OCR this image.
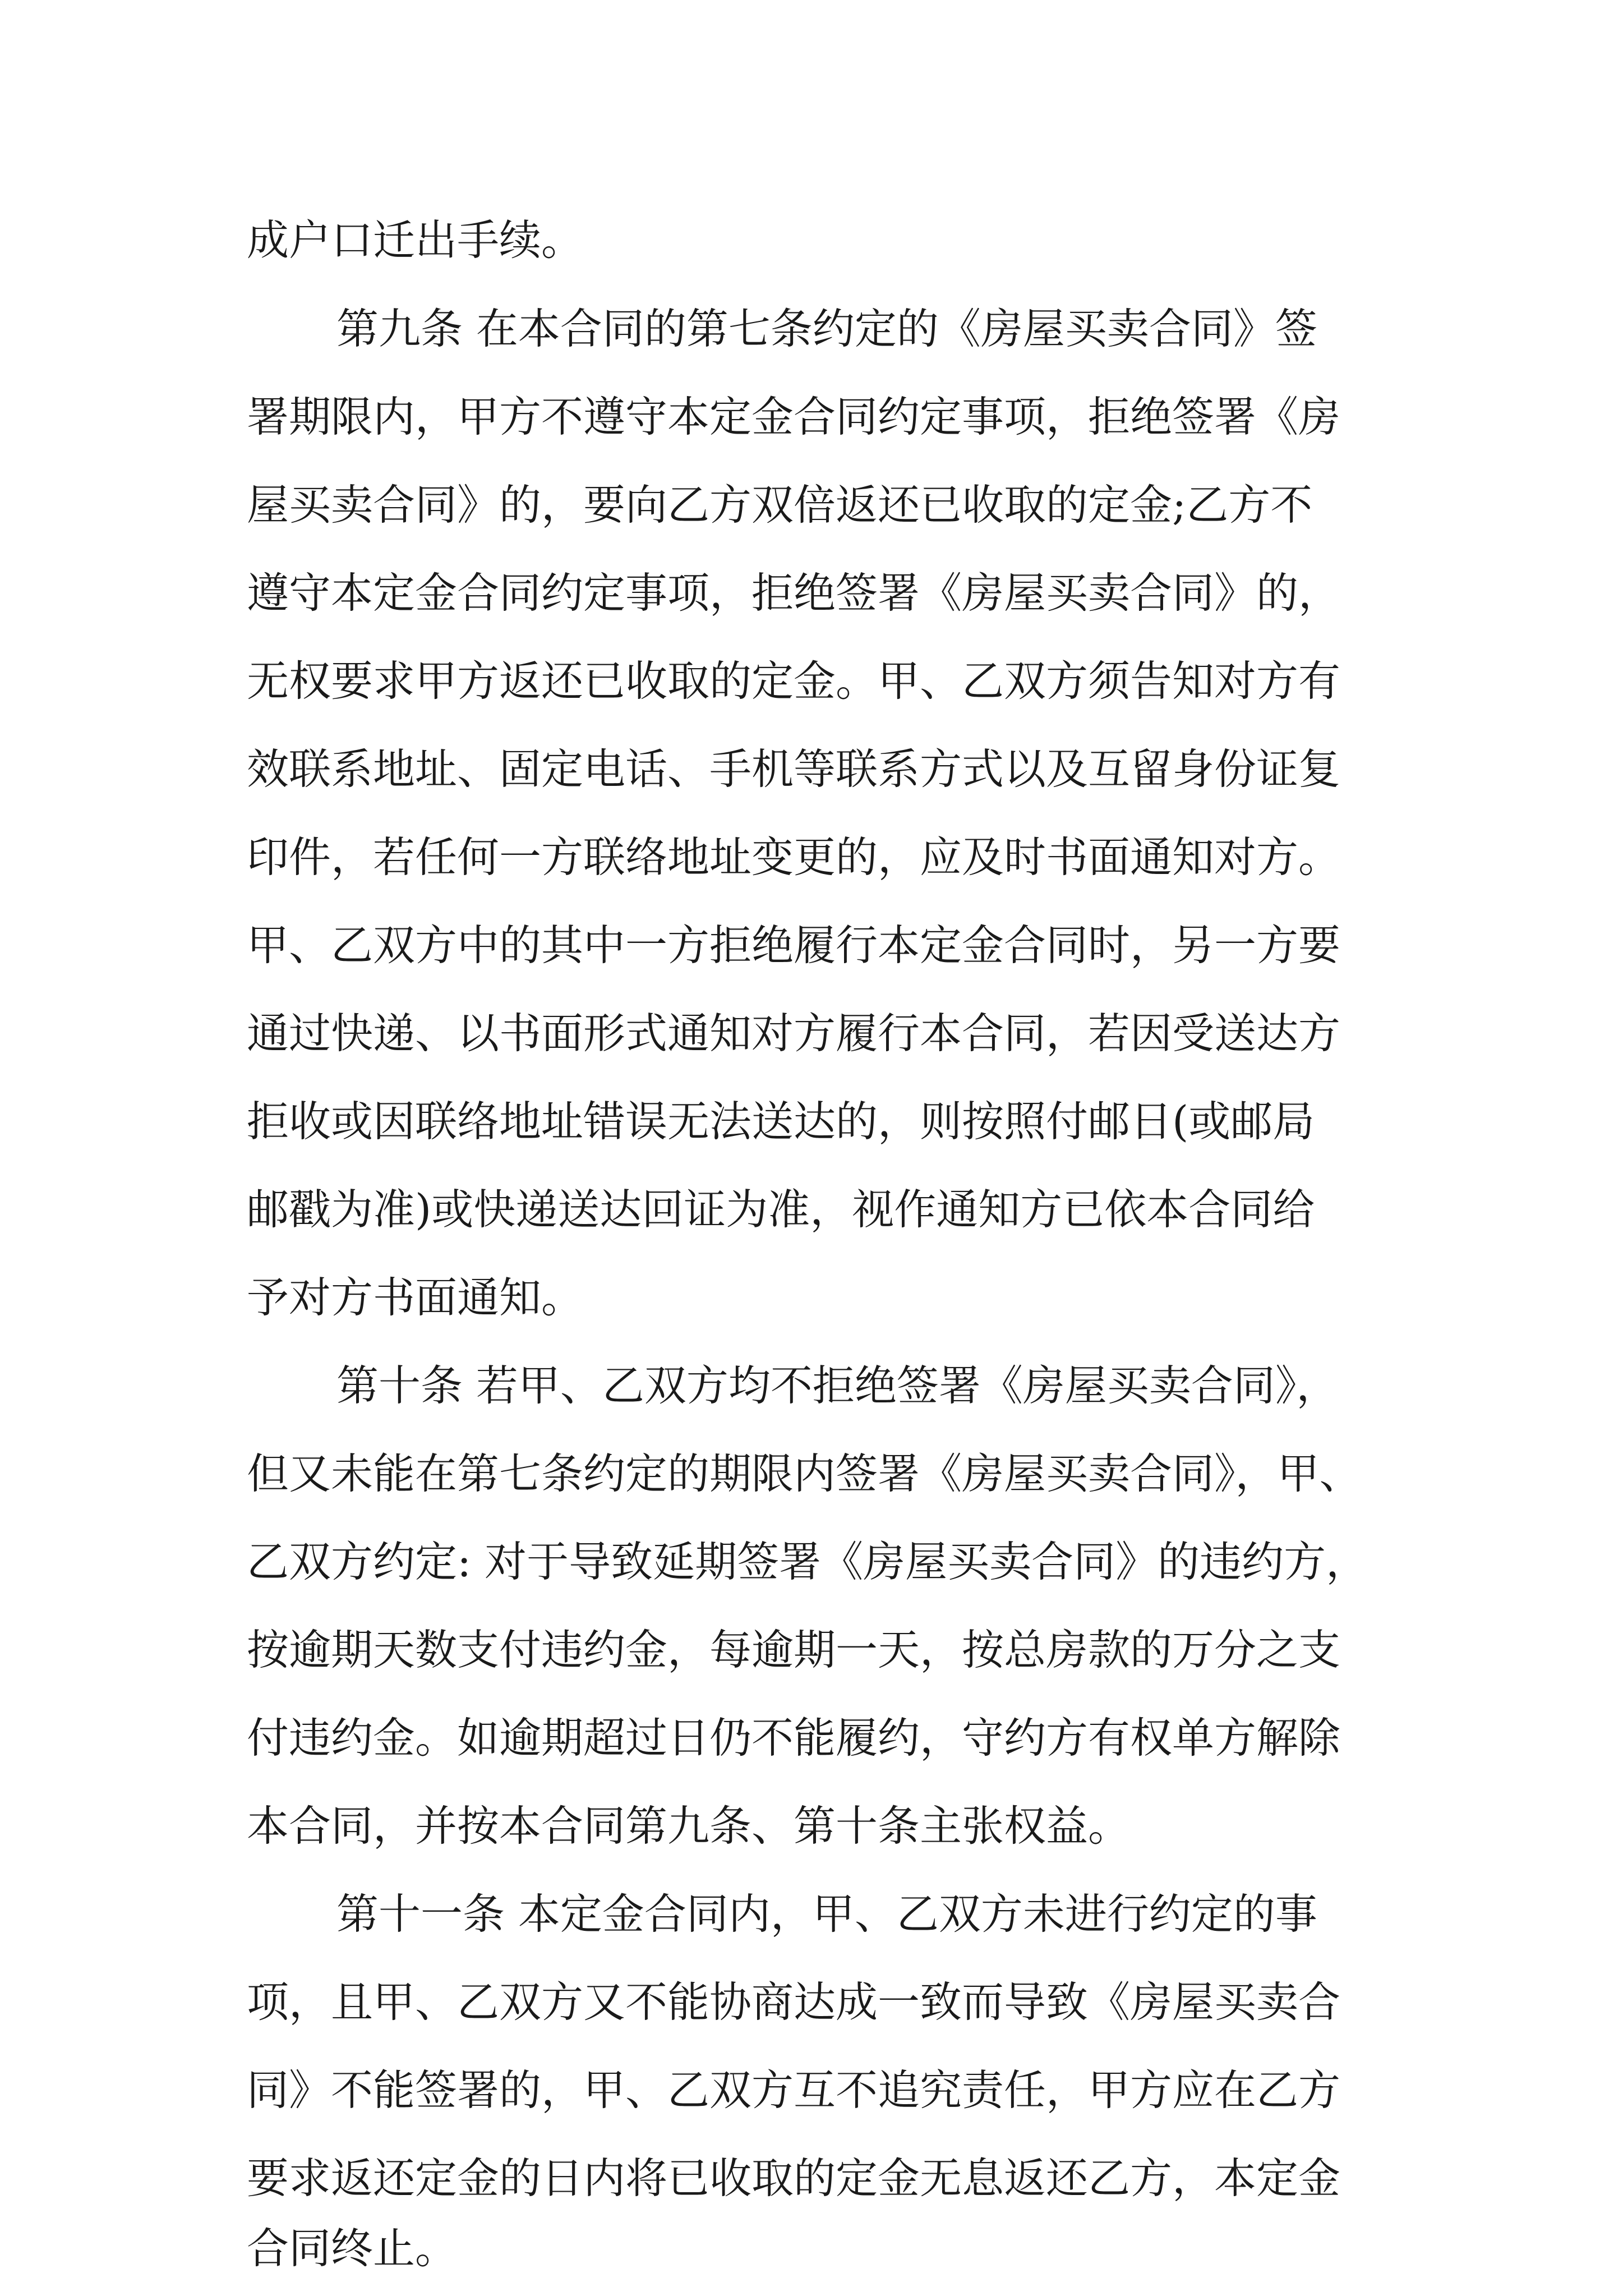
成户口迁出手续。
第九条 在本合同的第七条约定的《房屋买卖合同》签
署期限内，甲方不遵守本定金合同约定事项，拒绝签署《房
屋买卖合同》的，要向乙方双倍返还已收取的定金;乙方不
遵守本定金合同约定事项，拒绝签署《房屋买卖合同》的，
无权要求甲方返还已收取的定金。甲、乙双方须告知对方有
效联系地址、固定电话、手机等联系方式以及互留身份证复
印件，若任何一方联络地址变更的，应及时书面通知对方。
甲、乙双方中的其中一方拒绝履行本定金合同时，另一方要
通过快递、以书面形式通知对方履行本合同，若因受送达方
拒收或因联络地址错误无法送达的，则按照付邮日(或邮局
邮戳为准)或快递送达回证为准，视作通知方已依本合同给
予对方书面通知。
第十条 若甲、乙双方均不拒绝签署《房屋买卖合同》，
但又未能在第七条约定的期限内签署《房屋买卖合同》，甲、
乙双方约定: 对于导致延期签署《房屋买卖合同》的违约方，
按逾期天数支付违约金，每逾期一天，按总房款的万分之支
付违约金。如逾期超过日仍不能履约，守约方有权单方解除
本合同，并按本合同第九条、第十条主张权益。
第十一条 本定金合同内，甲、乙双方未进行约定的事
项，且甲、乙双方又不能协商达成一致而导致《房屋买卖合
同》不能签署的，甲、乙双方互不追究责任，甲方应在乙方
要求返还定金的日内将已收取的定金无息返还乙方，本定金
合同终止。
